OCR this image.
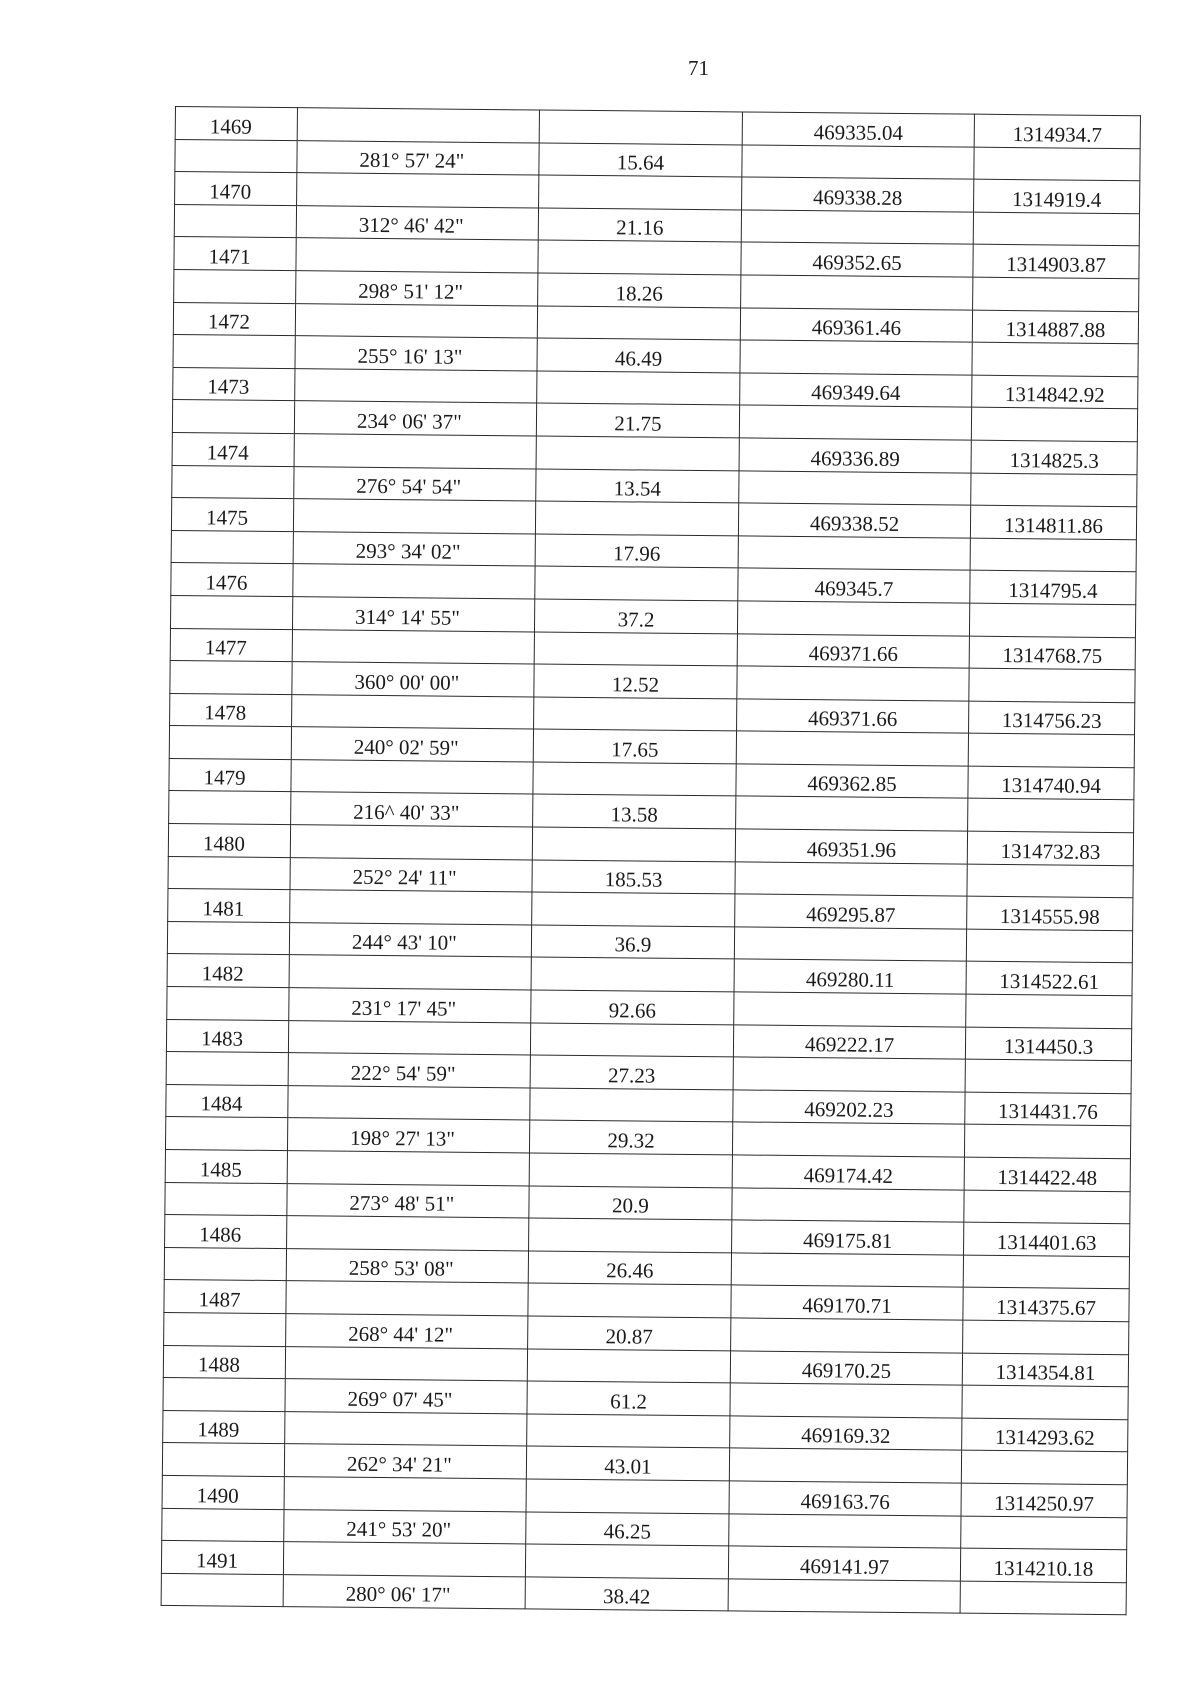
71
1469			469335.04	1314934.7
	281° 57' 24"	15.64		
1470			469338.28	1314919.4
	312° 46' 42"	21.16		
1471			469352.65	1314903.87
	298° 51' 12"	18.26		
1472			469361.46	1314887.88
	255° 16' 13"	46.49		
1473			469349.64	1314842.92
	234° 06' 37"	21.75		
1474			469336.89	1314825.3
	276° 54' 54"	13.54		
1475			469338.52	1314811.86
	293° 34' 02"	17.96		
1476			469345.7	1314795.4
	314° 14' 55"	37.2		
1477			469371.66	1314768.75
	360° 00' 00"	12.52		
1478			469371.66	1314756.23
	240° 02' 59"	17.65		
1479			469362.85	1314740.94
	216^ 40' 33"	13.58		
1480			469351.96	1314732.83
	252° 24' 11"	185.53		
1481			469295.87	1314555.98
	244° 43' 10"	36.9		
1482			469280.11	1314522.61
	231° 17' 45"	92.66		
1483			469222.17	1314450.3
	222° 54' 59"	27.23		
1484			469202.23	1314431.76
	198° 27' 13"	29.32		
1485			469174.42	1314422.48
	273° 48' 51"	20.9		
1486			469175.81	1314401.63
	258° 53' 08"	26.46		
1487			469170.71	1314375.67
	268° 44' 12"	20.87		
1488			469170.25	1314354.81
	269° 07' 45"	61.2		
1489			469169.32	1314293.62
	262° 34' 21"	43.01		
1490			469163.76	1314250.97
	241° 53' 20"	46.25		
1491			469141.97	1314210.18
	280° 06' 17"	38.42		
